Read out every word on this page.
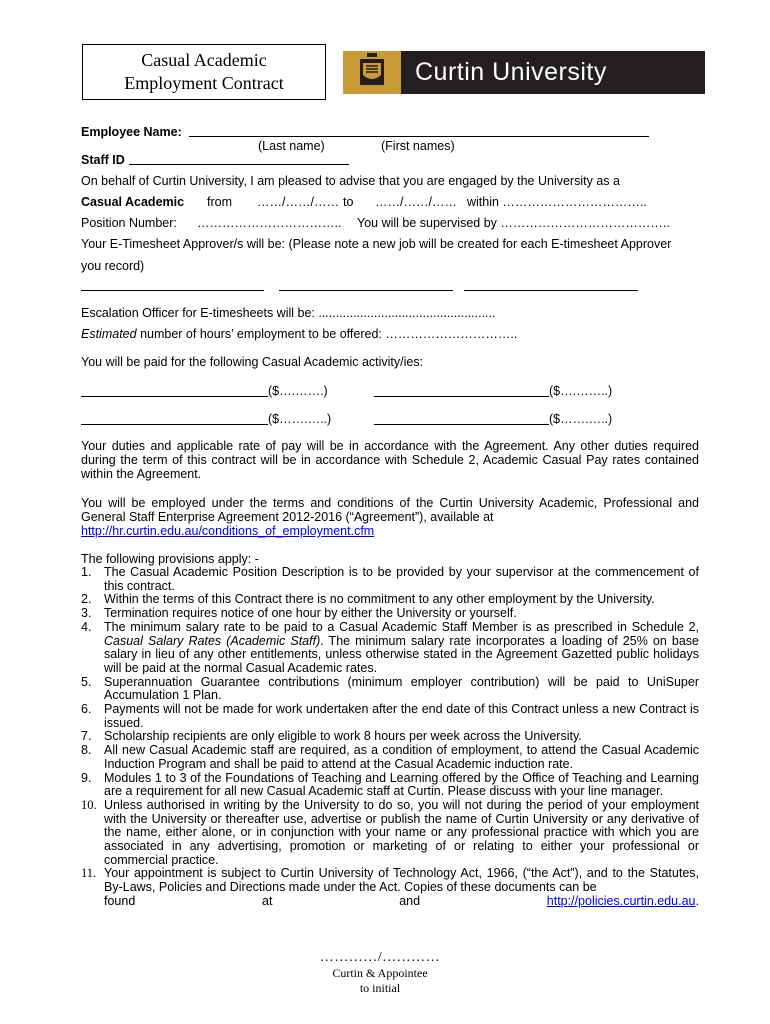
Casual Academic
Employment Contract	Curtin University
Employee Name:
(Last name)	(First names)
Staff ID
On behalf of Curtin University, I am pleased to advise that you are engaged by the University as a
Casual Academic from ……/……/…… to ……/……/…… within ……………………………..
Position Number: …………………………….. You will be supervised by …………………………………..
Your E-Timesheet Approver/s will be: (Please note a new job will be created for each E-timesheet Approver
you record)
Escalation Officer for E-timesheets will be: ...................................................
Estimated number of hours’ employment to be offered: …………………………..
You will be paid for the following Casual Academic activity/ies:
($….…….)	($….……..)
($…….…..)	($…….…..)
Your duties and applicable rate of pay will be in accordance with the Agreement. Any other duties required during the term of this contract will be in accordance with Schedule 2, Academic Casual Pay rates contained within the Agreement.
You will be employed under the terms and conditions of the Curtin University Academic, Professional and General Staff Enterprise Agreement 2012-2016 (“Agreement”), available at
http://hr.curtin.edu.au/conditions_of_employment.cfm
The following provisions apply: -
1. The Casual Academic Position Description is to be provided by your supervisor at the commencement of this contract.
2. Within the terms of this Contract there is no commitment to any other employment by the University.
3. Termination requires notice of one hour by either the University or yourself.
4. The minimum salary rate to be paid to a Casual Academic Staff Member is as prescribed in Schedule 2, Casual Salary Rates (Academic Staff). The minimum salary rate incorporates a loading of 25% on base salary in lieu of any other entitlements, unless otherwise stated in the Agreement Gazetted public holidays will be paid at the normal Casual Academic rates.
5. Superannuation Guarantee contributions (minimum employer contribution) will be paid to UniSuper Accumulation 1 Plan.
6. Payments will not be made for work undertaken after the end date of this Contract unless a new Contract is issued.
7. Scholarship recipients are only eligible to work 8 hours per week across the University.
8. All new Casual Academic staff are required, as a condition of employment, to attend the Casual Academic Induction Program and shall be paid to attend at the Casual Academic induction rate.
9. Modules 1 to 3 of the Foundations of Teaching and Learning offered by the Office of Teaching and Learning are a requirement for all new Casual Academic staff at Curtin. Please discuss with your line manager.
10. Unless authorised in writing by the University to do so, you will not during the period of your employment with the University or thereafter use, advertise or publish the name of Curtin University or any derivative of the name, either alone, or in conjunction with your name or any professional practice with which you are associated in any advertising, promotion or marketing of or relating to either your professional or commercial practice.
11. Your appointment is subject to Curtin University of Technology Act, 1966, (“the Act”), and to the Statutes, By-Laws, Policies and Directions made under the Act. Copies of these documents can be
found	at	and	http://policies.curtin.edu.au.
…………/…………
Curtin & Appointee
to initial
